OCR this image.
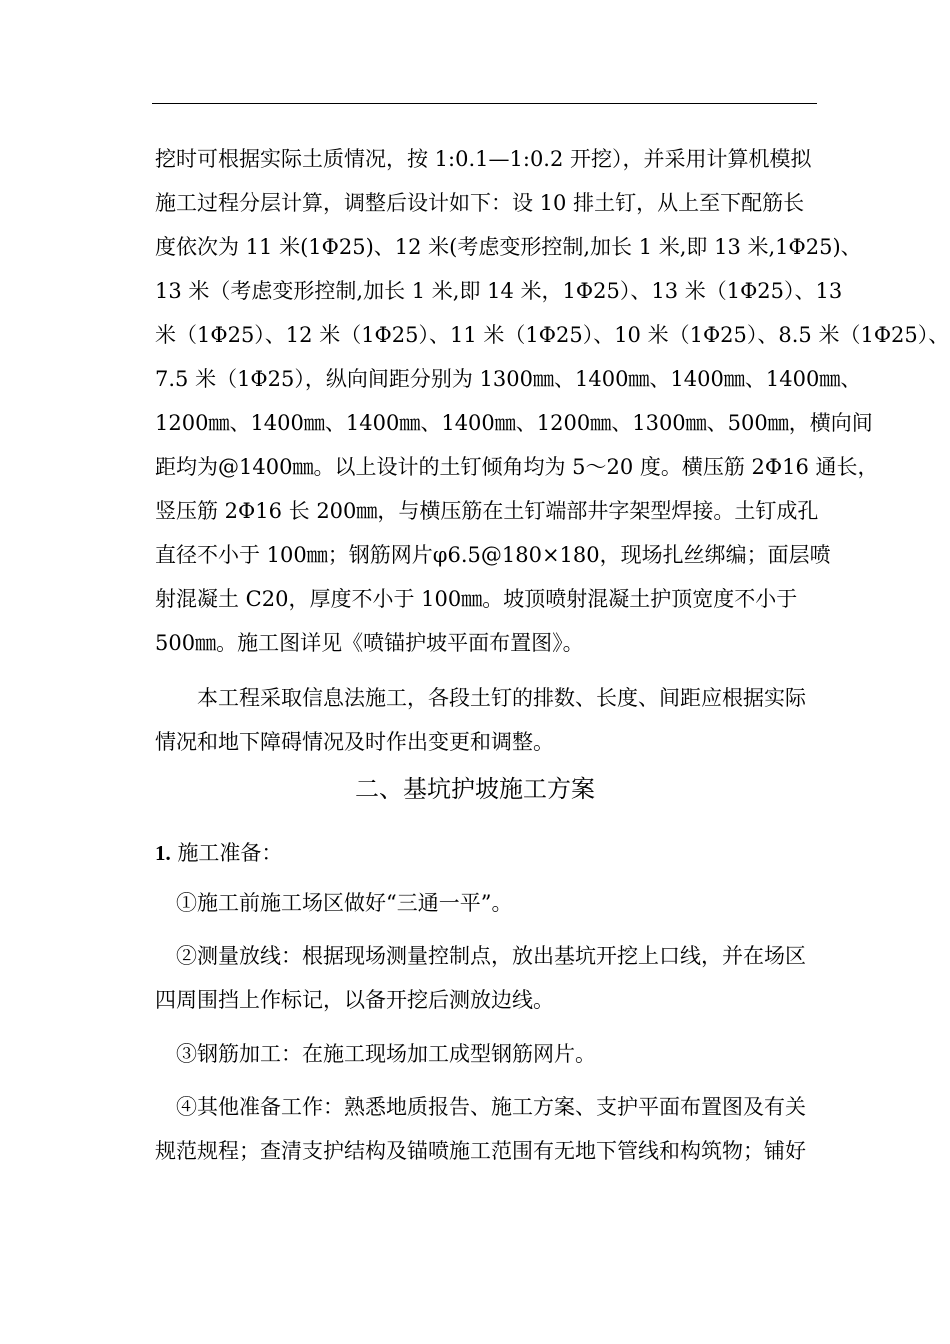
挖时可根据实际土质情况，按 1:0.1—1:0.2 开挖），并采用计算机模拟
施工过程分层计算，调整后设计如下：设 10 排土钉，从上至下配筋长
度依次为 11 米(1Φ25)、12 米(考虑变形控制,加长 1 米,即 13 米,1Φ25)、
13 米（考虑变形控制,加长 1 米,即 14 米，1Φ25）、13 米（1Φ25）、13
米（1Φ25）、12 米（1Φ25）、11 米（1Φ25）、10 米（1Φ25）、8.5 米（1Φ25）、
7.5 米（1Φ25），纵向间距分别为 1300㎜、1400㎜、1400㎜、1400㎜、
1200㎜、1400㎜、1400㎜、1400㎜、1200㎜、1300㎜、500㎜，横向间
距均为@1400㎜。以上设计的土钉倾角均为 5～20 度。横压筋 2Φ16 通长，
竖压筋 2Φ16 长 200㎜，与横压筋在土钉端部井字架型焊接。土钉成孔
直径不小于 100㎜；钢筋网片φ6.5@180×180，现场扎丝绑编；面层喷
射混凝土 C20，厚度不小于 100㎜。坡顶喷射混凝土护顶宽度不小于
500㎜。施工图详见《喷锚护坡平面布置图》。
本工程采取信息法施工，各段土钉的排数、长度、间距应根据实际
情况和地下障碍情况及时作出变更和调整。
二、基坑护坡施工方案
1. 施工准备：
①施工前施工场区做好“三通一平”。
②测量放线：根据现场测量控制点，放出基坑开挖上口线，并在场区
四周围挡上作标记，以备开挖后测放边线。
③钢筋加工：在施工现场加工成型钢筋网片。
④其他准备工作：熟悉地质报告、施工方案、支护平面布置图及有关
规范规程；查清支护结构及锚喷施工范围有无地下管线和构筑物；铺好
